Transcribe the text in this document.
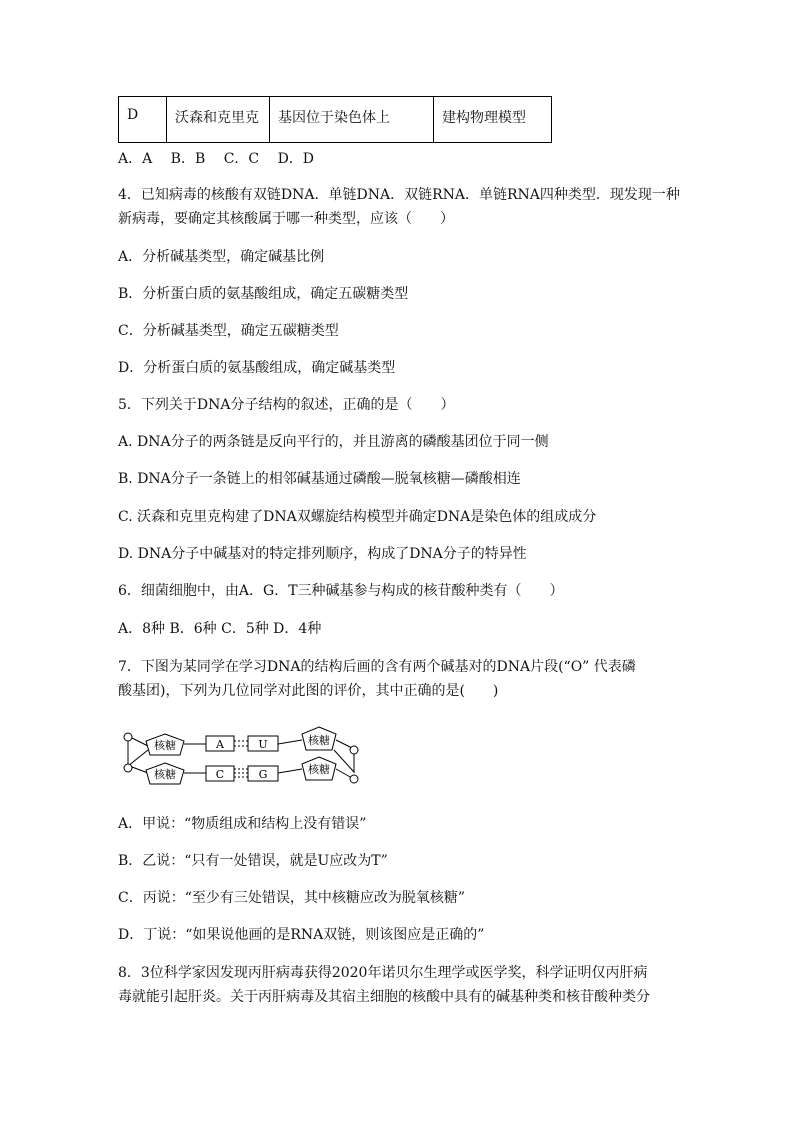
D	沃森和克里克	基因位于染色体上	建构物理模型
A．A　 B．B　 C．C　 D．D
4．已知病毒的核酸有双链DNA．单链DNA．双链RNA．单链RNA四种类型．现发现一种
新病毒，要确定其核酸属于哪一种类型，应该（　　）
A．分析碱基类型，确定碱基比例
B．分析蛋白质的氨基酸组成，确定五碳糖类型
C．分析碱基类型，确定五碳糖类型
D．分析蛋白质的氨基酸组成，确定碱基类型
5．下列关于DNA分子结构的叙述，正确的是（　　）
A. DNA分子的两条链是反向平行的，并且游离的磷酸基团位于同一侧
B. DNA分子一条链上的相邻碱基通过磷酸—脱氧核糖—磷酸相连
C. 沃森和克里克构建了DNA双螺旋结构模型并确定DNA是染色体的组成成分
D. DNA分子中碱基对的特定排列顺序，构成了DNA分子的特异性
6．细菌细胞中，由A．G．T三种碱基参与构成的核苷酸种类有（　　）
A．8种 B．6种 C．5种 D．4种
7．下图为某同学在学习DNA的结构后画的含有两个碱基对的DNA片段(“O” 代表磷
酸基团)，下列为几位同学对此图的评价，其中正确的是(　　)
核糖
核糖
核糖
核糖
A	U
C	G
A．甲说：“物质组成和结构上没有错误”
B．乙说：“只有一处错误，就是U应改为T”
C．丙说：“至少有三处错误，其中核糖应改为脱氧核糖”
D．丁说：“如果说他画的是RNA双链，则该图应是正确的”
8．3位科学家因发现丙肝病毒获得2020年诺贝尔生理学或医学奖，科学证明仅丙肝病
毒就能引起肝炎。关于丙肝病毒及其宿主细胞的核酸中具有的碱基种类和核苷酸种类分
